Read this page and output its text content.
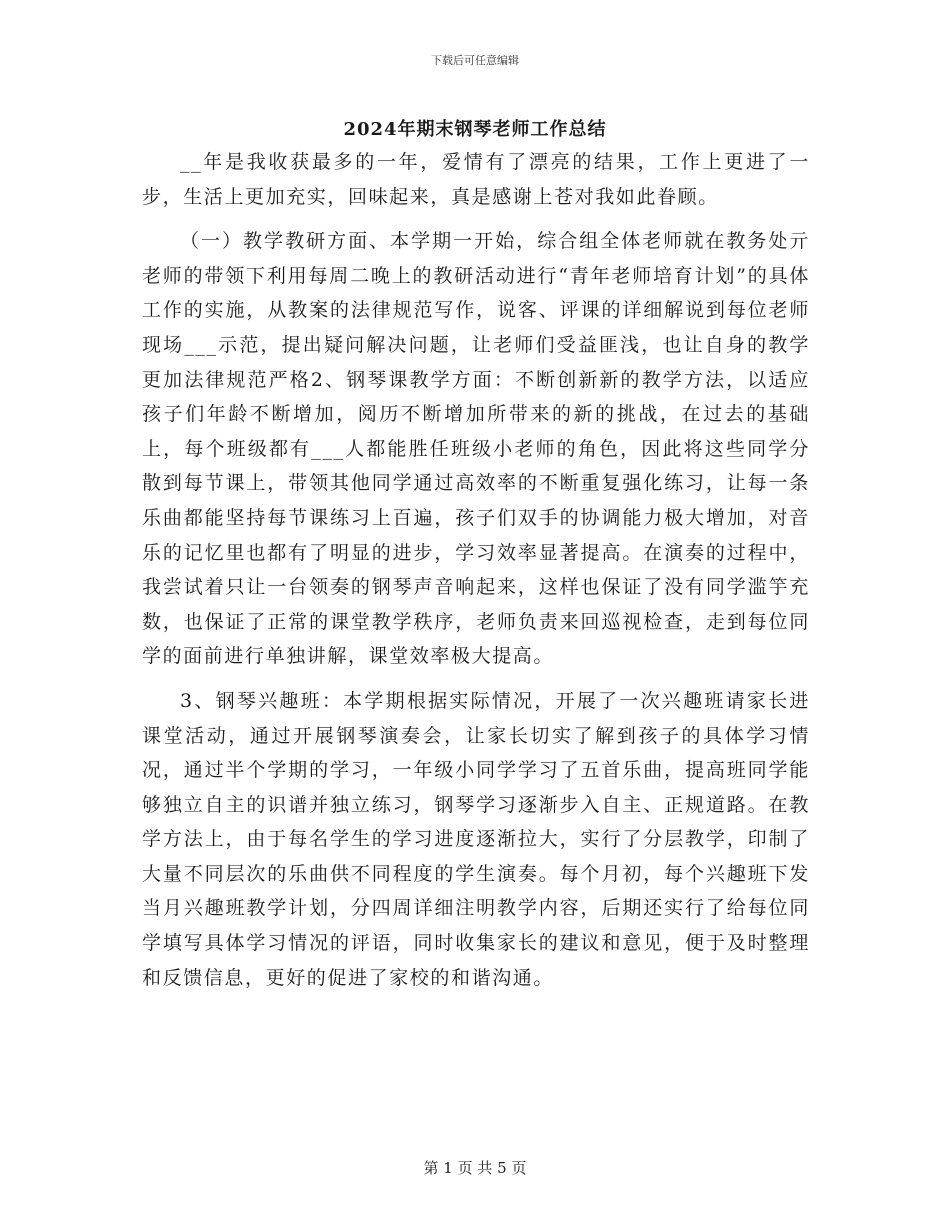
下载后可任意编辑
2024年期末钢琴老师工作总结

__年是我收获最多的一年，爱情有了漂亮的结果，工作上更进了一步，生活上更加充实，回味起来，真是感谢上苍对我如此眷顾。

（一）教学教研方面、本学期一开始，综合组全体老师就在教务处亓老师的带领下利用每周二晚上的教研活动进行“青年老师培育计划”的具体工作的实施，从教案的法律规范写作，说客、评课的详细解说到每位老师现场___示范，提出疑问解决问题，让老师们受益匪浅，也让自身的教学更加法律规范严格2、钢琴课教学方面：不断创新新的教学方法，以适应孩子们年龄不断增加，阅历不断增加所带来的新的挑战，在过去的基础上，每个班级都有___人都能胜任班级小老师的角色，因此将这些同学分散到每节课上，带领其他同学通过高效率的不断重复强化练习，让每一条乐曲都能坚持每节课练习上百遍，孩子们双手的协调能力极大增加，对音乐的记忆里也都有了明显的进步，学习效率显著提高。在演奏的过程中，我尝试着只让一台领奏的钢琴声音响起来，这样也保证了没有同学滥竽充数，也保证了正常的课堂教学秩序，老师负责来回巡视检查，走到每位同学的面前进行单独讲解，课堂效率极大提高。

3、钢琴兴趣班：本学期根据实际情况，开展了一次兴趣班请家长进课堂活动，通过开展钢琴演奏会，让家长切实了解到孩子的具体学习情况，通过半个学期的学习，一年级小同学学习了五首乐曲，提高班同学能够独立自主的识谱并独立练习，钢琴学习逐渐步入自主、正规道路。在教学方法上，由于每名学生的学习进度逐渐拉大，实行了分层教学，印制了大量不同层次的乐曲供不同程度的学生演奏。每个月初，每个兴趣班下发当月兴趣班教学计划，分四周详细注明教学内容，后期还实行了给每位同学填写具体学习情况的评语，同时收集家长的建议和意见，便于及时整理和反馈信息，更好的促进了家校的和谐沟通。

第 1 页 共 5 页
